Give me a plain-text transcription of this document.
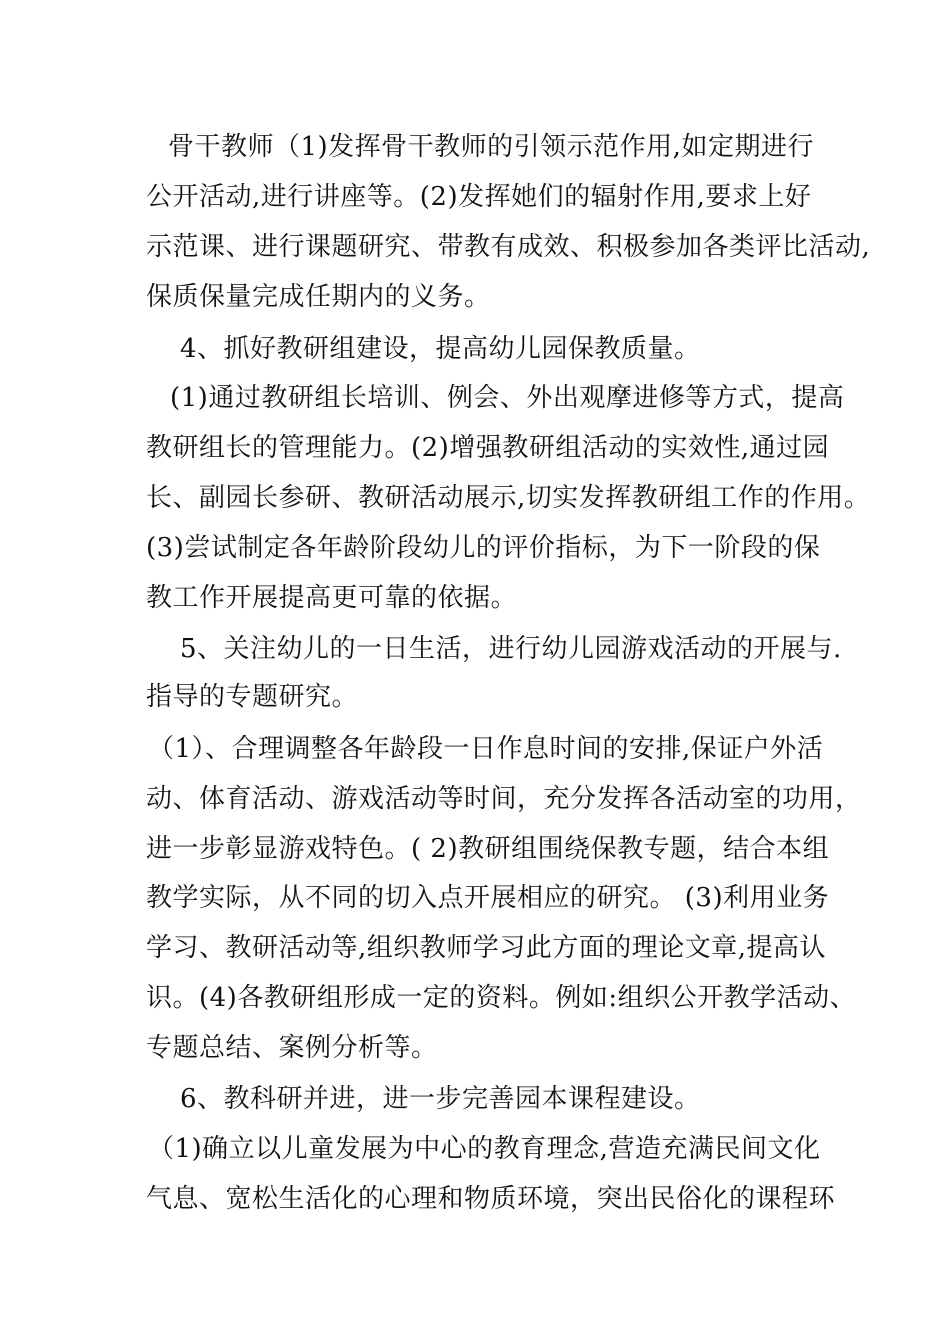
骨干教师（1)发挥骨干教师的引领示范作用,如定期进行
公开活动,进行讲座等。(2)发挥她们的辐射作用,要求上好
示范课、进行课题研究、带教有成效、积极参加各类评比活动,
保质保量完成任期内的义务。
4、抓好教研组建设，提高幼儿园保教质量。
(1)通过教研组长培训、例会、外出观摩进修等方式，提高
教研组长的管理能力。(2)增强教研组活动的实效性,通过园
长、副园长参研、教研活动展示,切实发挥教研组工作的作用。
(3)尝试制定各年龄阶段幼儿的评价指标，为下一阶段的保
教工作开展提高更可靠的依据。
5、关注幼儿的一日生活，进行幼儿园游戏活动的开展与.
指导的专题研究。
（1）、合理调整各年龄段一日作息时间的安排,保证户外活
动、体育活动、游戏活动等时间，充分发挥各活动室的功用，
进一步彰显游戏特色。( 2)教研组围绕保教专题，结合本组
教学实际，从不同的切入点开展相应的研究。 (3)利用业务
学习、教研活动等,组织教师学习此方面的理论文章,提高认
识。(4)各教研组形成一定的资料。例如:组织公开教学活动、
专题总结、案例分析等。
6、教科研并进，进一步完善园本课程建设。
（1)确立以儿童发展为中心的教育理念,营造充满民间文化
气息、宽松生活化的心理和物质环境，突出民俗化的课程环
